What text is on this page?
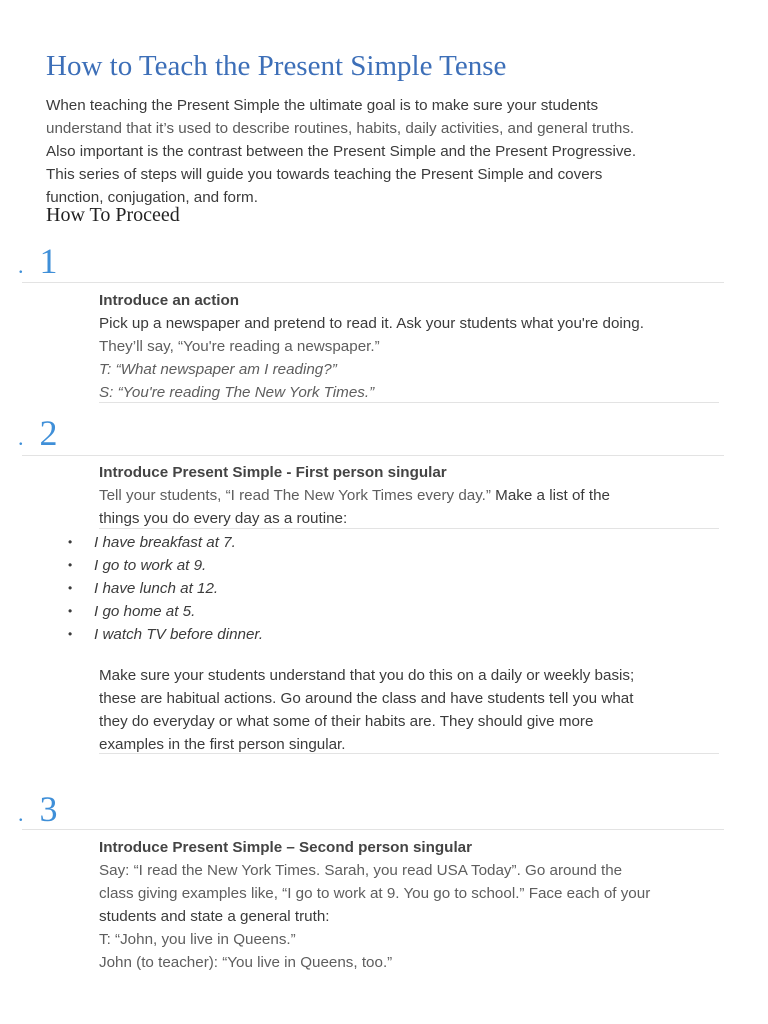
How to Teach the Present Simple Tense

When teaching the Present Simple the ultimate goal is to make sure your students
understand that it’s used to describe routines, habits, daily activities, and general truths.
Also important is the contrast between the Present Simple and the Present Progressive.
This series of steps will guide you towards teaching the Present Simple and covers
function, conjugation, and form.

How To Proceed
. 1
Introduce an action
Pick up a newspaper and pretend to read it. Ask your students what you're doing.
They’ll say, “You're reading a newspaper.”
T: “What newspaper am I reading?”
S: “You're reading The New York Times.”
. 2
Introduce Present Simple - First person singular
Tell your students, “I read The New York Times every day.” Make a list of the
things you do every day as a routine:
• I have breakfast at 7.
• I go to work at 9.
• I have lunch at 12.
• I go home at 5.
• I watch TV before dinner.
Make sure your students understand that you do this on a daily or weekly basis;
these are habitual actions. Go around the class and have students tell you what
they do everyday or what some of their habits are. They should give more
examples in the first person singular.
. 3
Introduce Present Simple – Second person singular
Say: “I read the New York Times. Sarah, you read USA Today”. Go around the
class giving examples like, “I go to work at 9. You go to school.” Face each of your
students and state a general truth:
T: “John, you live in Queens.”
John (to teacher): “You live in Queens, too.”
